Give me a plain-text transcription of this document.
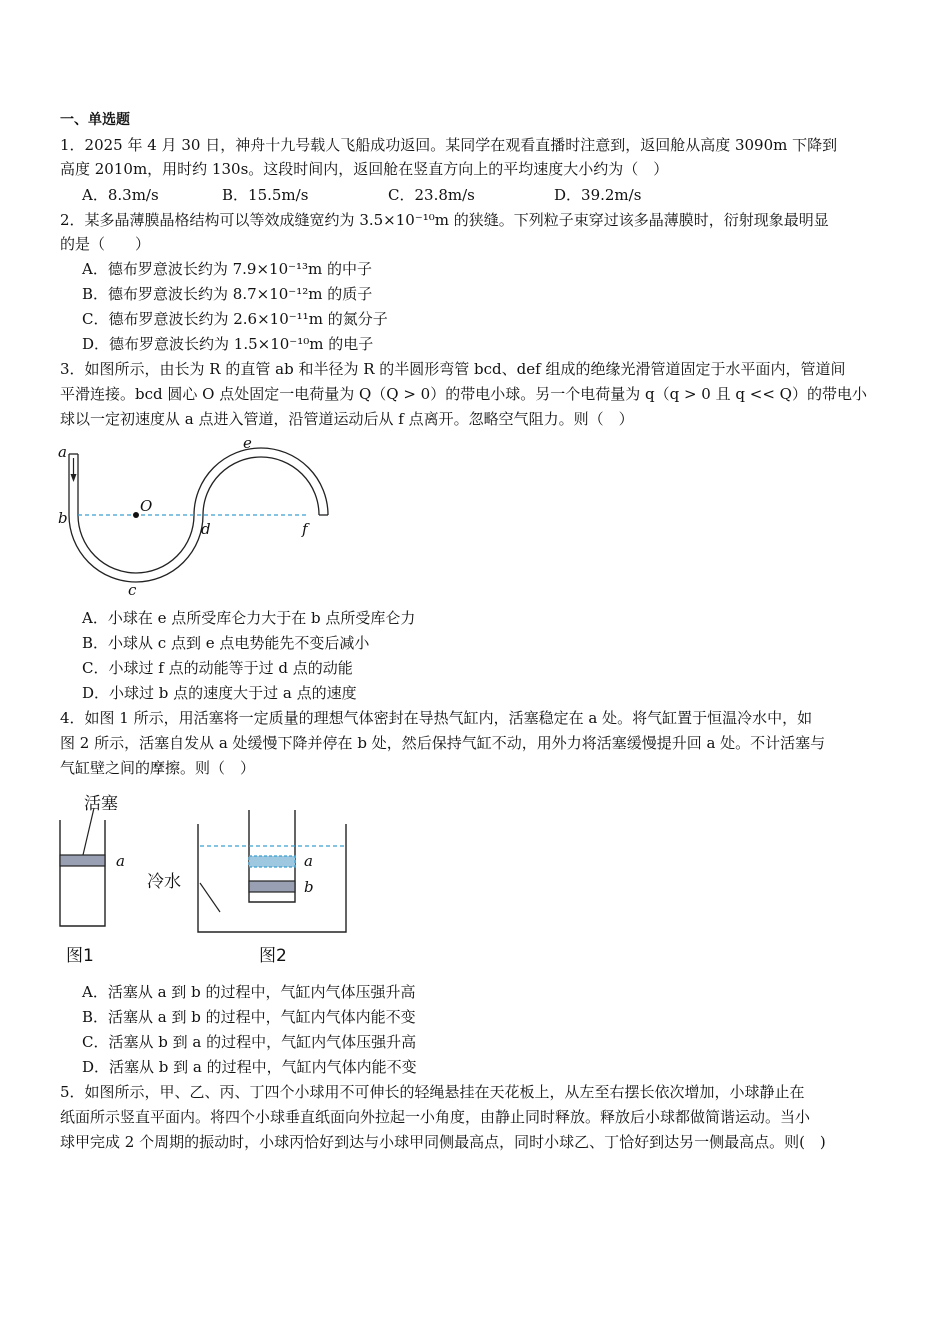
一、单选题
1．2025 年 4 月 30 日，神舟十九号载人飞船成功返回。某同学在观看直播时注意到，返回舱从高度 3090m 下降到
高度 2010m，用时约 130s。这段时间内，返回舱在竖直方向上的平均速度大小约为（　）
A．8.3m/s	B．15.5m/s	C．23.8m/s	D．39.2m/s
2．某多晶薄膜晶格结构可以等效成缝宽约为 3.5×10⁻¹⁰m 的狭缝。下列粒子束穿过该多晶薄膜时，衍射现象最明显
的是（　　）
A．德布罗意波长约为 7.9×10⁻¹³m 的中子
B．德布罗意波长约为 8.7×10⁻¹²m 的质子
C．德布罗意波长约为 2.6×10⁻¹¹m 的氮分子
D．德布罗意波长约为 1.5×10⁻¹⁰m 的电子
3．如图所示，由长为 R 的直管 ab 和半径为 R 的半圆形弯管 bcd、def 组成的绝缘光滑管道固定于水平面内，管道间
平滑连接。bcd 圆心 O 点处固定一电荷量为 Q（Q > 0）的带电小球。另一个电荷量为 q（q > 0 且 q << Q）的带电小
球以一定初速度从 a 点进入管道，沿管道运动后从 f 点离开。忽略空气阻力。则（　）
a
b
O
d	f
e
c
A．小球在 e 点所受库仑力大于在 b 点所受库仑力
B．小球从 c 点到 e 点电势能先不变后减小
C．小球过 f 点的动能等于过 d 点的动能
D．小球过 b 点的速度大于过 a 点的速度
4．如图 1 所示，用活塞将一定质量的理想气体密封在导热气缸内，活塞稳定在 a 处。将气缸置于恒温冷水中，如
图 2 所示，活塞自发从 a 处缓慢下降并停在 b 处，然后保持气缸不动，用外力将活塞缓慢提升回 a 处。不计活塞与
气缸壁之间的摩擦。则（　）
活塞
a
冷水
a
b
图1	图2
A．活塞从 a 到 b 的过程中，气缸内气体压强升高
B．活塞从 a 到 b 的过程中，气缸内气体内能不变
C．活塞从 b 到 a 的过程中，气缸内气体压强升高
D．活塞从 b 到 a 的过程中，气缸内气体内能不变
5．如图所示，甲、乙、丙、丁四个小球用不可伸长的轻绳悬挂在天花板上，从左至右摆长依次增加，小球静止在
纸面所示竖直平面内。将四个小球垂直纸面向外拉起一小角度，由静止同时释放。释放后小球都做简谐运动。当小
球甲完成 2 个周期的振动时，小球丙恰好到达与小球甲同侧最高点，同时小球乙、丁恰好到达另一侧最高点。则(　)
